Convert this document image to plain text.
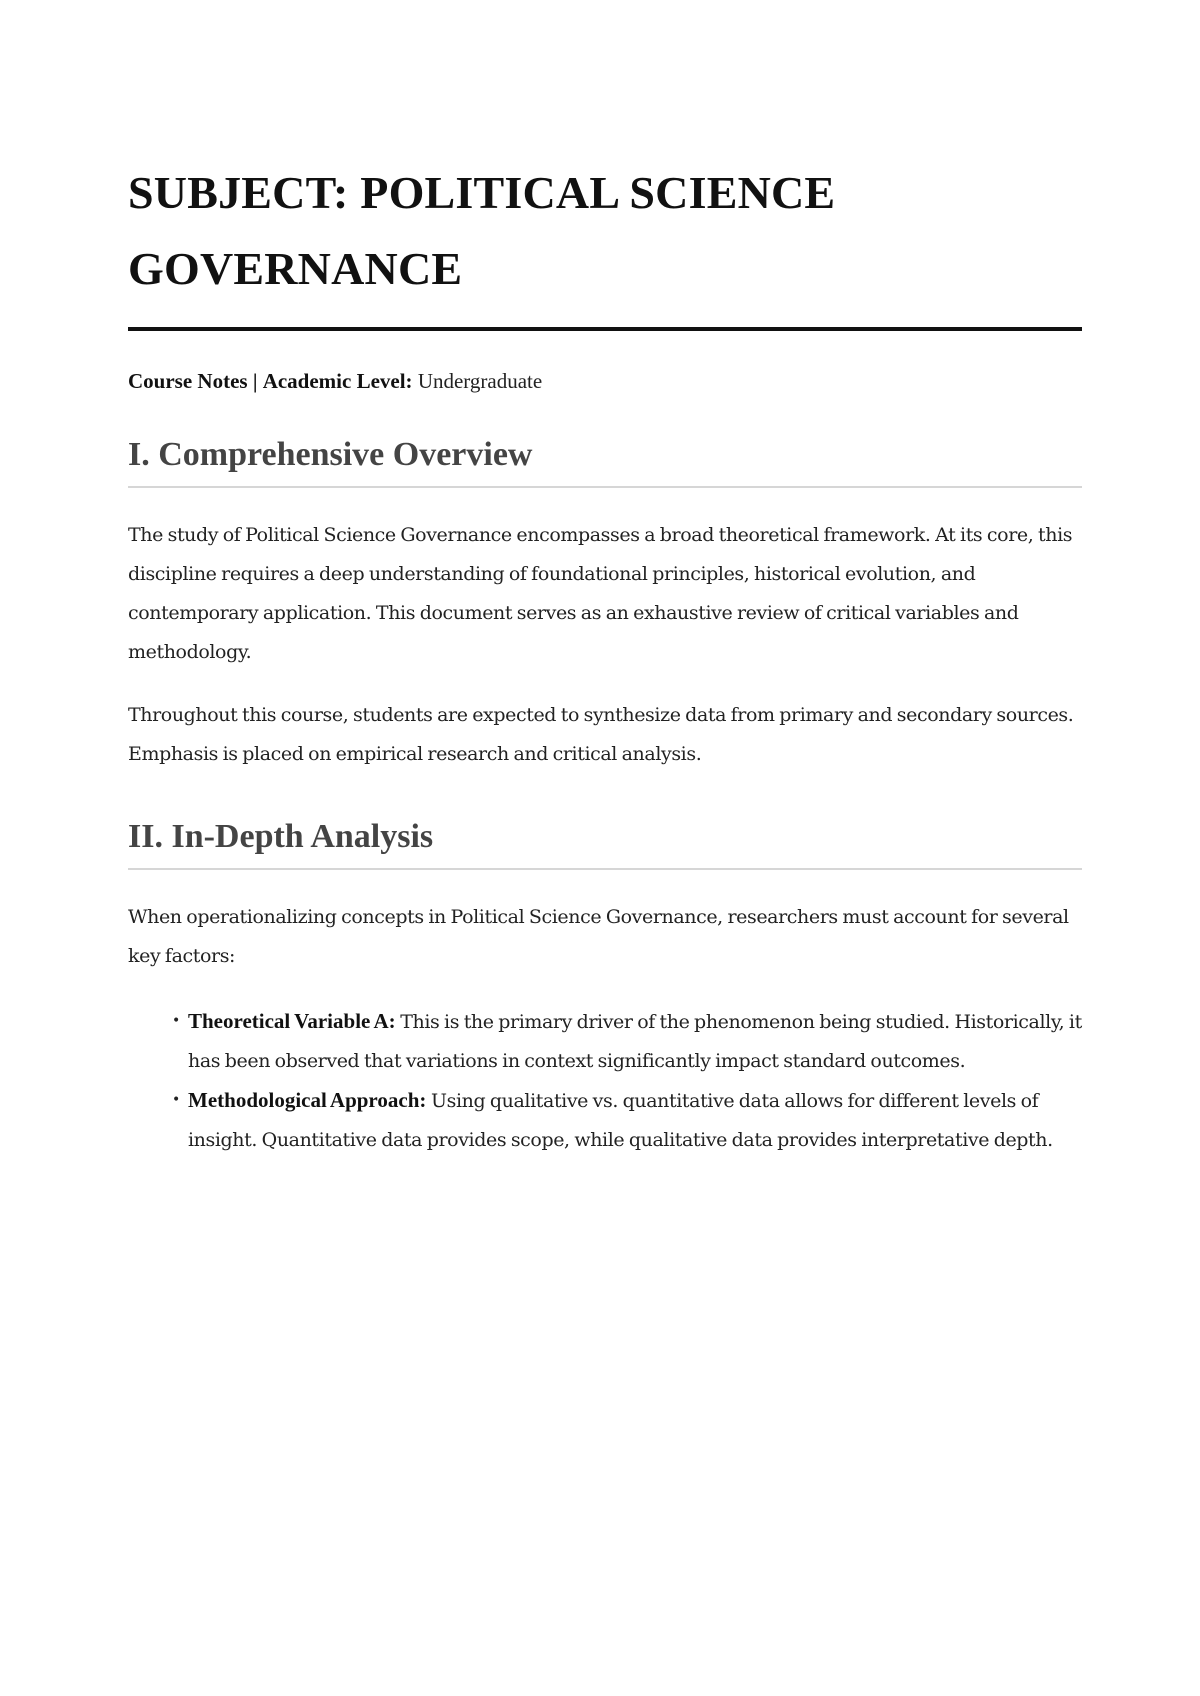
SUBJECT: POLITICAL SCIENCE
GOVERNANCE
Course Notes | Academic Level: Undergraduate
I. Comprehensive Overview

The study of Political Science Governance encompasses a broad theoretical framework. At its core, this discipline requires a deep understanding of foundational principles, historical evolution, and contemporary application. This document serves as an exhaustive review of critical variables and methodology.

Throughout this course, students are expected to synthesize data from primary and secondary sources. Emphasis is placed on empirical research and critical analysis.

II. In-Depth Analysis

When operationalizing concepts in Political Science Governance, researchers must account for several key factors:

• Theoretical Variable A: This is the primary driver of the phenomenon being studied. Historically, it has been observed that variations in context significantly impact standard outcomes.
• Methodological Approach: Using qualitative vs. quantitative data allows for different levels of insight. Quantitative data provides scope, while qualitative data provides interpretative depth.
